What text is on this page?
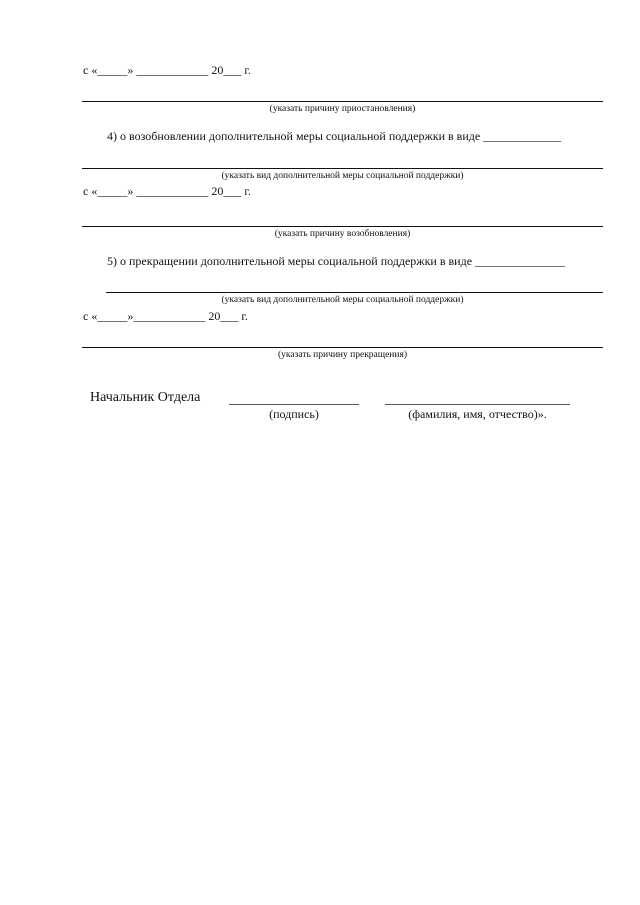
с «_____» ____________ 20___ г.
(указать причину приостановления)
4) о возобновлении дополнительной меры социальной поддержки в виде _____________
(указать вид дополнительной меры социальной поддержки)
с «_____» ____________ 20___ г.
(указать причину возобновления)
5) о прекращении дополнительной меры социальной поддержки в виде _______________
(указать вид дополнительной меры социальной поддержки)
с «_____»____________ 20___ г.
(указать причину прекращения)
Начальник Отдела
(подпись)	(фамилия, имя, отчество)».
